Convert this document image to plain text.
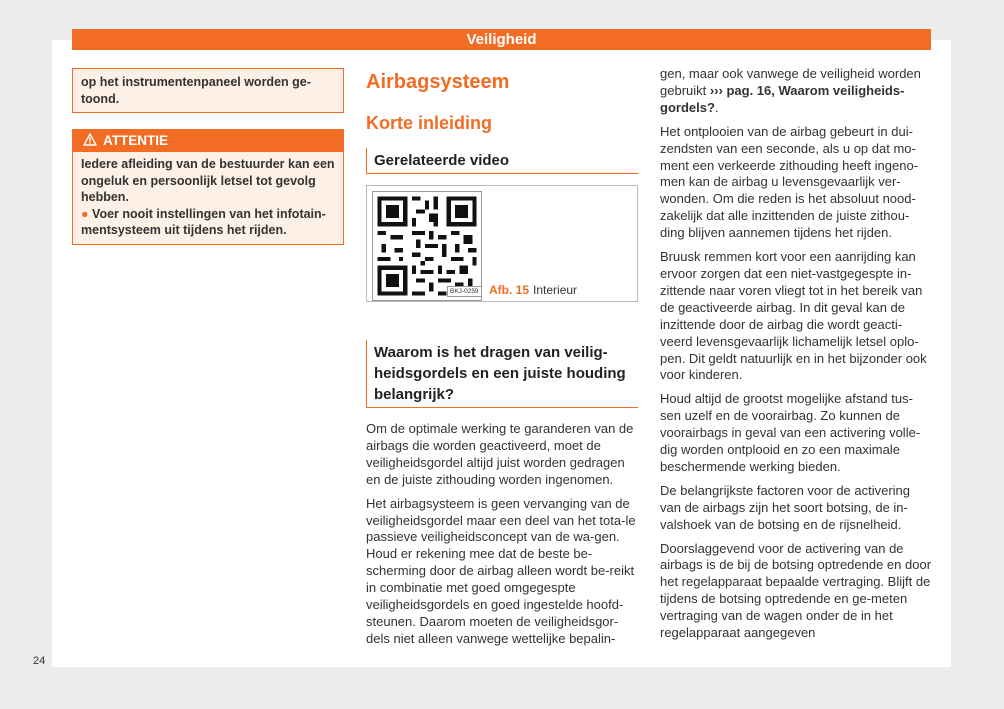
Veiligheid
24
op het instrumentenpaneel worden ge-toond.
ATTENTIE

Iedere afleiding van de bestuurder kan een ongeluk en persoonlijk letsel tot gevolg hebben.

● Voer nooit instellingen van het infotain-mentsysteem uit tijdens het rijden.

Airbagsysteem
Korte inleiding
Gerelateerde video
BKJ-0259 Afb. 15 Interieur
Waarom is het dragen van veilig-heidsgordels en een juiste houding belangrijk?

Om de optimale werking te garanderen van de airbags die worden geactiveerd, moet de veiligheidsgordel altijd juist worden gedragen en de juiste zithouding worden ingenomen.

Het airbagsysteem is geen vervanging van de veiligheidsgordel maar een deel van het tota-le passieve veiligheidsconcept van de wa-gen. Houd er rekening mee dat de beste be-scherming door de airbag alleen wordt be-reikt in combinatie met goed omgegespte veiligheidsgordels en goed ingestelde hoofd-steunen. Daarom moeten de veiligheidsgor-dels niet alleen vanwege wettelijke bepalin-

gen, maar ook vanwege de veiligheid worden gebruikt ››› pag. 16, Waarom veiligheids-gordels?.

Het ontplooien van de airbag gebeurt in dui-zendsten van een seconde, als u op dat mo-ment een verkeerde zithouding heeft ingeno-men kan de airbag u levensgevaarlijk ver-wonden. Om die reden is het absoluut nood-zakelijk dat alle inzittenden de juiste zithou-ding blijven aannemen tijdens het rijden.

Bruusk remmen kort voor een aanrijding kan ervoor zorgen dat een niet-vastgegespte in-zittende naar voren vliegt tot in het bereik van de geactiveerde airbag. In dit geval kan de inzittende door de airbag die wordt geacti-veerd levensgevaarlijk lichamelijk letsel oplo-pen. Dit geldt natuurlijk en in het bijzonder ook voor kinderen.

Houd altijd de grootst mogelijke afstand tus-sen uzelf en de voorairbag. Zo kunnen de voorairbags in geval van een activering volle-dig worden ontplooid en zo een maximale beschermende werking bieden.

De belangrijkste factoren voor de activering van de airbags zijn het soort botsing, de in-valshoek van de botsing en de rijsnelheid.

Doorslaggevend voor de activering van de airbags is de bij de botsing optredende en door het regelapparaat bepaalde vertraging. Blijft de tijdens de botsing optredende en ge-meten vertraging van de wagen onder de in het regelapparaat aangegeven
